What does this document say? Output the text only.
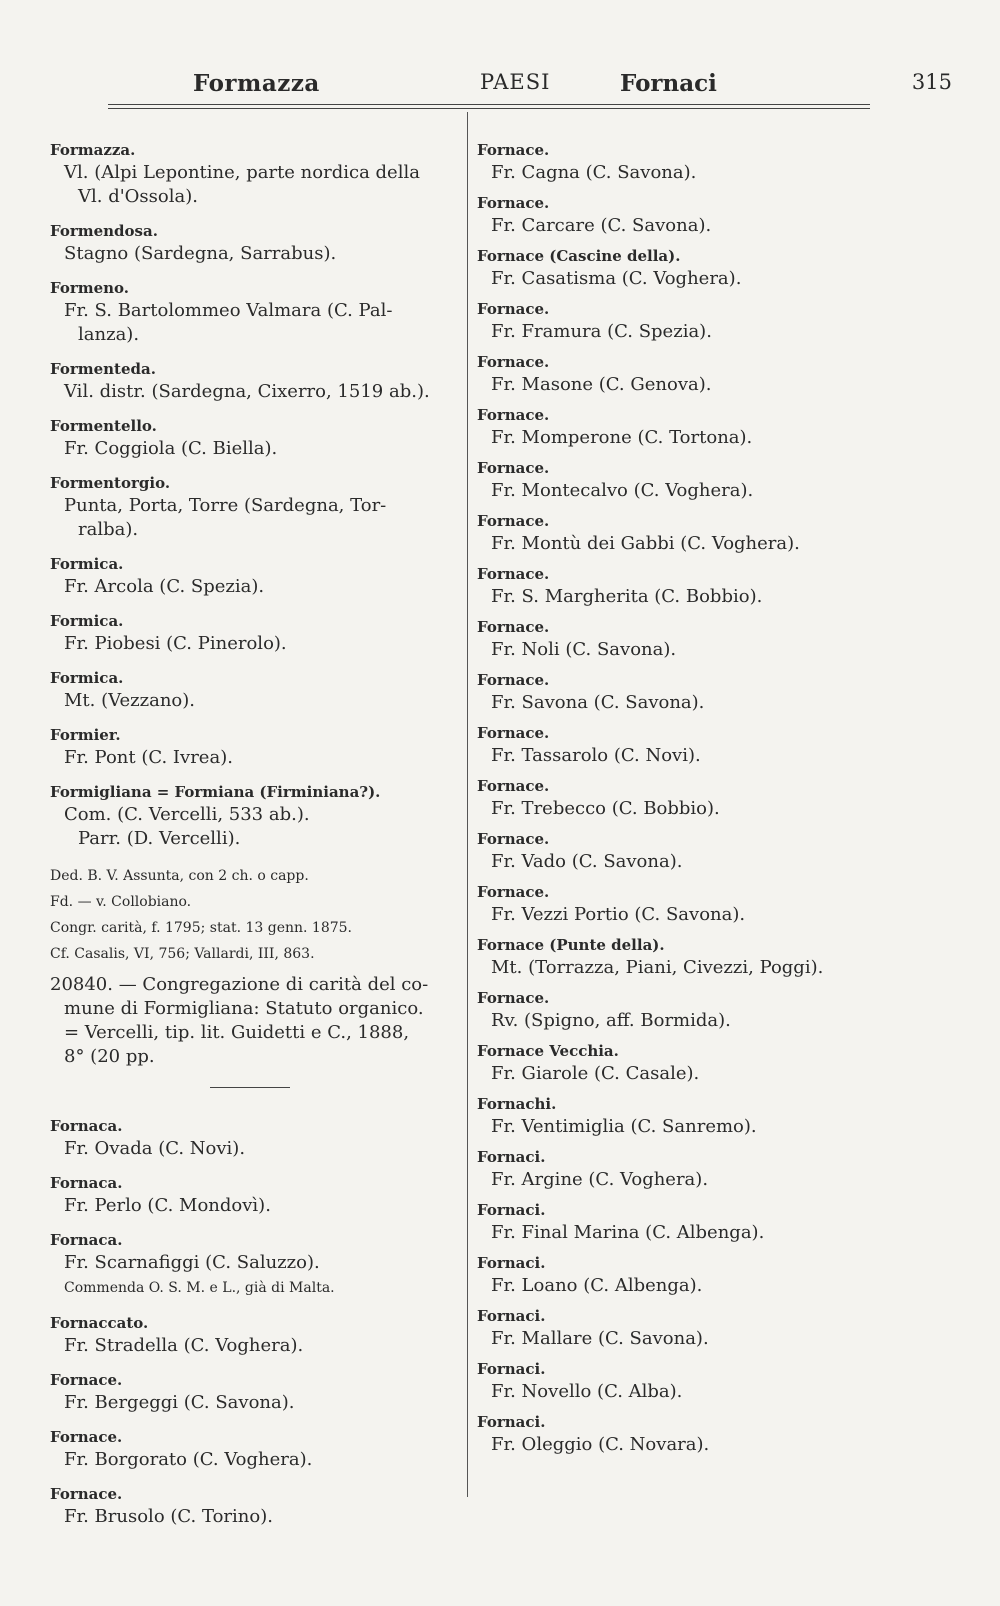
Formazza	PAESI	Fornaci	315
Formazza.
Vl. (Alpi Lepontine, parte nordica della
Vl. d'Ossola).
Formendosa.
Stagno (Sardegna, Sarrabus).
Formeno.
Fr. S. Bartolommeo Valmara (C. Pal-
lanza).
Formenteda.
Vil. distr. (Sardegna, Cixerro, 1519 ab.).
Formentello.
Fr. Coggiola (C. Biella).
Formentorgio.
Punta, Porta, Torre (Sardegna, Tor-
ralba).
Formica.
Fr. Arcola (C. Spezia).
Formica.
Fr. Piobesi (C. Pinerolo).
Formica.
Mt. (Vezzano).
Formier.
Fr. Pont (C. Ivrea).
Formigliana = Formiana (Firminiana?).
Com. (C. Vercelli, 533 ab.).
Parr. (D. Vercelli).
Ded. B. V. Assunta, con 2 ch. o capp.
Fd. — v. Collobiano.
Congr. carità, f. 1795; stat. 13 genn. 1875.
Cf. Casalis, VI, 756; Vallardi, III, 863.
20840. — Congregazione di carità del co-
mune di Formigliana: Statuto organico.
= Vercelli, tip. lit. Guidetti e C., 1888,
8° (20 pp.
Fornaca.
Fr. Ovada (C. Novi).
Fornaca.
Fr. Perlo (C. Mondovì).
Fornaca.
Fr. Scarnafiggi (C. Saluzzo).
Commenda O. S. M. e L., già di Malta.
Fornaccato.
Fr. Stradella (C. Voghera).
Fornace.
Fr. Bergeggi (C. Savona).
Fornace.
Fr. Borgorato (C. Voghera).
Fornace.
Fr. Brusolo (C. Torino).
Fornace.
Fr. Cagna (C. Savona).
Fornace.
Fr. Carcare (C. Savona).
Fornace (Cascine della).
Fr. Casatisma (C. Voghera).
Fornace.
Fr. Framura (C. Spezia).
Fornace.
Fr. Masone (C. Genova).
Fornace.
Fr. Momperone (C. Tortona).
Fornace.
Fr. Montecalvo (C. Voghera).
Fornace.
Fr. Montù dei Gabbi (C. Voghera).
Fornace.
Fr. S. Margherita (C. Bobbio).
Fornace.
Fr. Noli (C. Savona).
Fornace.
Fr. Savona (C. Savona).
Fornace.
Fr. Tassarolo (C. Novi).
Fornace.
Fr. Trebecco (C. Bobbio).
Fornace.
Fr. Vado (C. Savona).
Fornace.
Fr. Vezzi Portio (C. Savona).
Fornace (Punte della).
Mt. (Torrazza, Piani, Civezzi, Poggi).
Fornace.
Rv. (Spigno, aff. Bormida).
Fornace Vecchia.
Fr. Giarole (C. Casale).
Fornachi.
Fr. Ventimiglia (C. Sanremo).
Fornaci.
Fr. Argine (C. Voghera).
Fornaci.
Fr. Final Marina (C. Albenga).
Fornaci.
Fr. Loano (C. Albenga).
Fornaci.
Fr. Mallare (C. Savona).
Fornaci.
Fr. Novello (C. Alba).
Fornaci.
Fr. Oleggio (C. Novara).
